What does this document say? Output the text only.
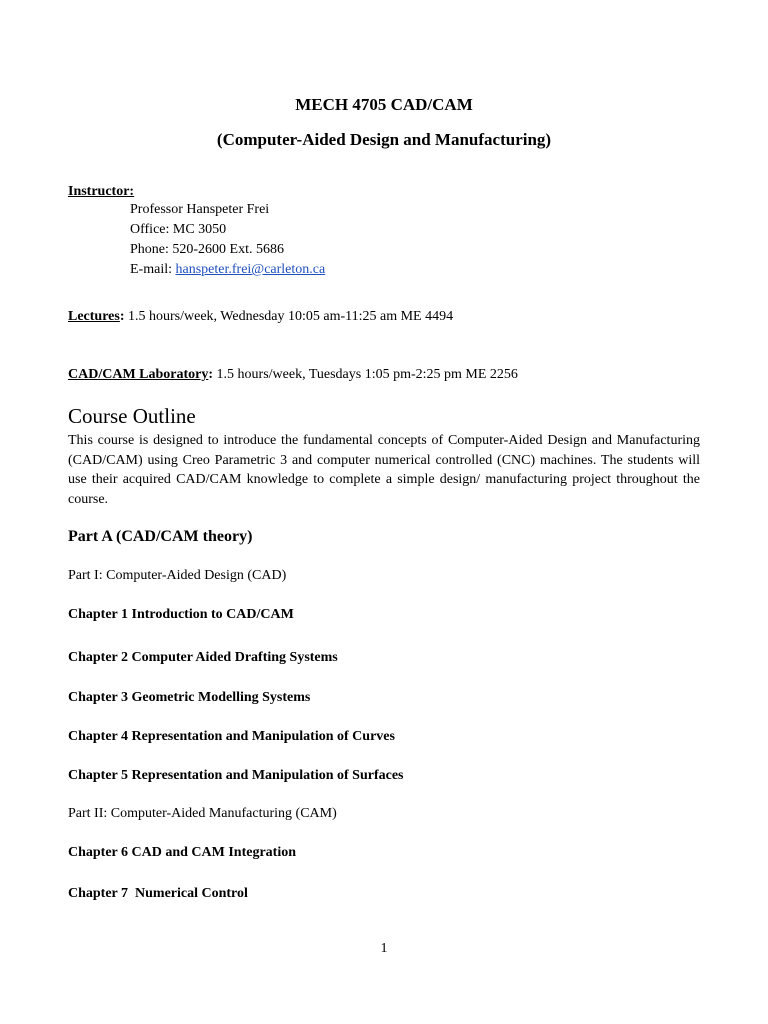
MECH 4705 CAD/CAM
(Computer-Aided Design and Manufacturing)
Instructor:
Professor Hanspeter Frei
Office: MC 3050
Phone: 520-2600 Ext. 5686
E-mail: hanspeter.frei@carleton.ca
Lectures: 1.5 hours/week, Wednesday 10:05 am-11:25 am ME 4494
CAD/CAM Laboratory: 1.5 hours/week, Tuesdays 1:05 pm-2:25 pm ME 2256
Course Outline
This course is designed to introduce the fundamental concepts of Computer-Aided Design and Manufacturing (CAD/CAM) using Creo Parametric 3 and computer numerical controlled (CNC) machines. The students will use their acquired CAD/CAM knowledge to complete a simple design/ manufacturing project throughout the course.
Part A (CAD/CAM theory)
Part I: Computer-Aided Design (CAD)
Chapter 1 Introduction to CAD/CAM
Chapter 2 Computer Aided Drafting Systems
Chapter 3 Geometric Modelling Systems
Chapter 4 Representation and Manipulation of Curves
Chapter 5 Representation and Manipulation of Surfaces
Part II: Computer-Aided Manufacturing (CAM)
Chapter 6 CAD and CAM Integration
Chapter 7  Numerical Control
1
